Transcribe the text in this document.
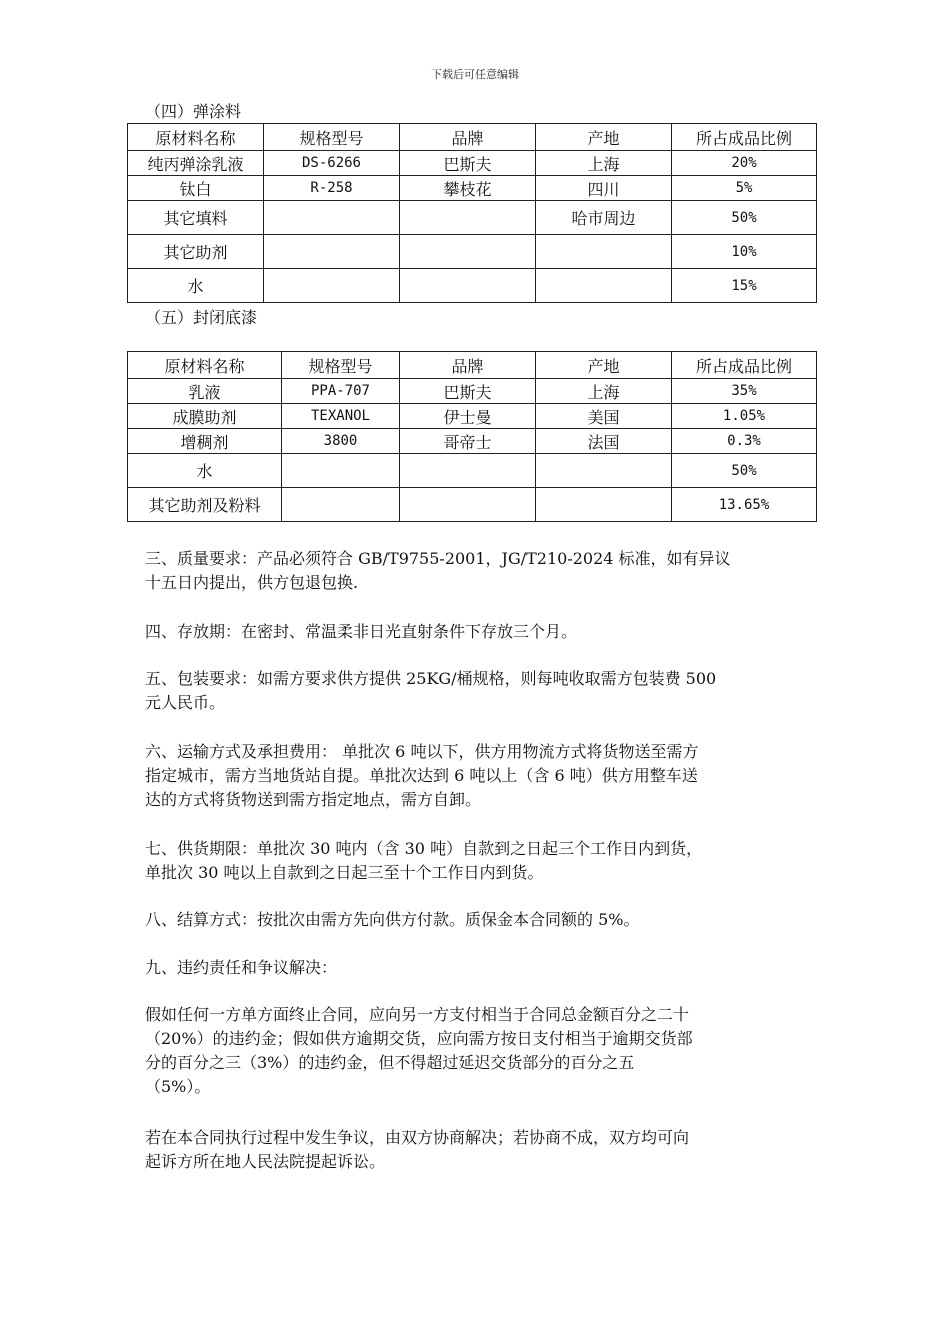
下载后可任意编辑
（四）弹涂料
原材料名称	规格型号	品牌	产地	所占成品比例
纯丙弹涂乳液	DS-6266	巴斯夫	上海	20%
钛白	R-258	攀枝花	四川	5%
其它填料			哈市周边	50%
其它助剂				10%
水				15%
（五）封闭底漆
原材料名称	规格型号	品牌	产地	所占成品比例
乳液	PPA-707	巴斯夫	上海	35%
成膜助剂	TEXANOL	伊士曼	美国	1.05%
增稠剂	3800	哥帝士	法国	0.3%
水				50%
其它助剂及粉料				13.65%
三、质量要求：产品必须符合 GB/T9755-2001，JG/T210-2024 标准，如有异议
十五日内提出，供方包退包换.
四、存放期：在密封、常温柔非日光直射条件下存放三个月。
五、包装要求：如需方要求供方提供 25KG/桶规格，则每吨收取需方包装费 500
元人民币。
六、运输方式及承担费用： 单批次 6 吨以下，供方用物流方式将货物送至需方
指定城市，需方当地货站自提。单批次达到 6 吨以上（含 6 吨）供方用整车送
达的方式将货物送到需方指定地点，需方自卸。
七、供货期限：单批次 30 吨内（含 30 吨）自款到之日起三个工作日内到货，
单批次 30 吨以上自款到之日起三至十个工作日内到货。
八、结算方式：按批次由需方先向供方付款。质保金本合同额的 5%。
九、违约责任和争议解决：
假如任何一方单方面终止合同，应向另一方支付相当于合同总金额百分之二十
（20%）的违约金；假如供方逾期交货，应向需方按日支付相当于逾期交货部
分的百分之三（3%）的违约金，但不得超过延迟交货部分的百分之五
（5%）。
若在本合同执行过程中发生争议，由双方协商解决；若协商不成，双方均可向
起诉方所在地人民法院提起诉讼。
